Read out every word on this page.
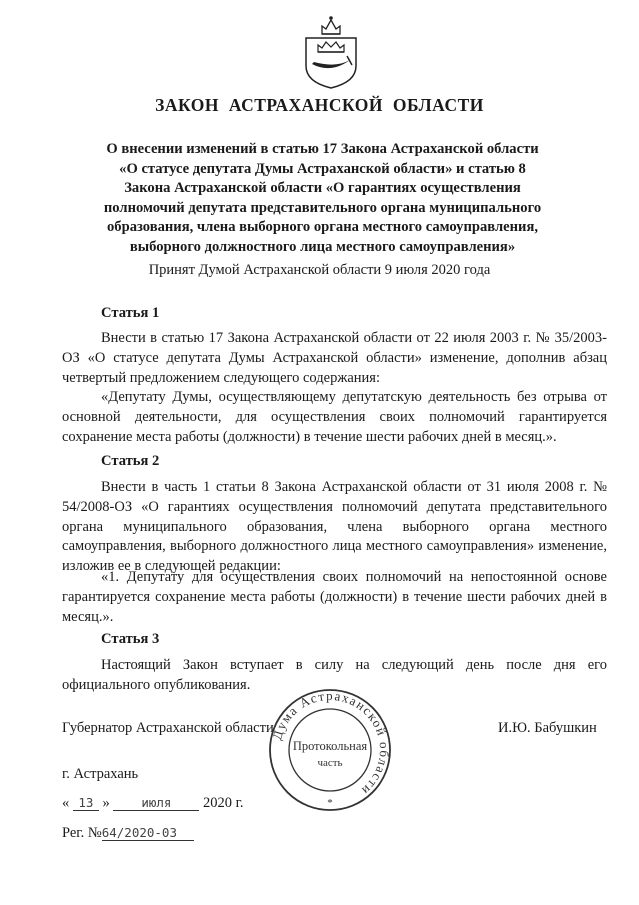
ЗАКОН АСТРАХАНСКОЙ ОБЛАСТИ
О внесении изменений в статью 17 Закона Астраханской области
«О статусе депутата Думы Астраханской области» и статью 8
Закона Астраханской области «О гарантиях осуществления
полномочий депутата представительного органа муниципального
образования, члена выборного органа местного самоуправления,
выборного должностного лица местного самоуправления»
Принят Думой Астраханской области 9 июля 2020 года
Статья 1
Внести в статью 17 Закона Астраханской области от 22 июля 2003 г. № 35/2003-ОЗ «О статусе депутата Думы Астраханской области» изменение, дополнив абзац четвертый предложением следующего содержания:
«Депутату Думы, осуществляющему депутатскую деятельность без отрыва от основной деятельности, для осуществления своих полномочий гарантируется сохранение места работы (должности) в течение шести рабочих дней в месяц.».
Статья 2
Внести в часть 1 статьи 8 Закона Астраханской области от 31 июля 2008 г. № 54/2008-ОЗ «О гарантиях осуществления полномочий депутата представительного органа муниципального образования, члена выборного органа местного самоуправления, выборного должностного лица местного самоуправления» изменение, изложив ее в следующей редакции:
«1. Депутату для осуществления своих полномочий на непостоянной основе гарантируется сохранение места работы (должности) в течение шести рабочих дней в месяц.».
Статья 3
Настоящий Закон вступает в силу на следующий день после дня его официального опубликования.
Губернатор Астраханской области	И.Ю. Бабушкин
Дума Астраханской области
Протокольная
часть
*
г. Астрахань
« 13 »	июля 2020 г.
Рег. №64/2020-03
